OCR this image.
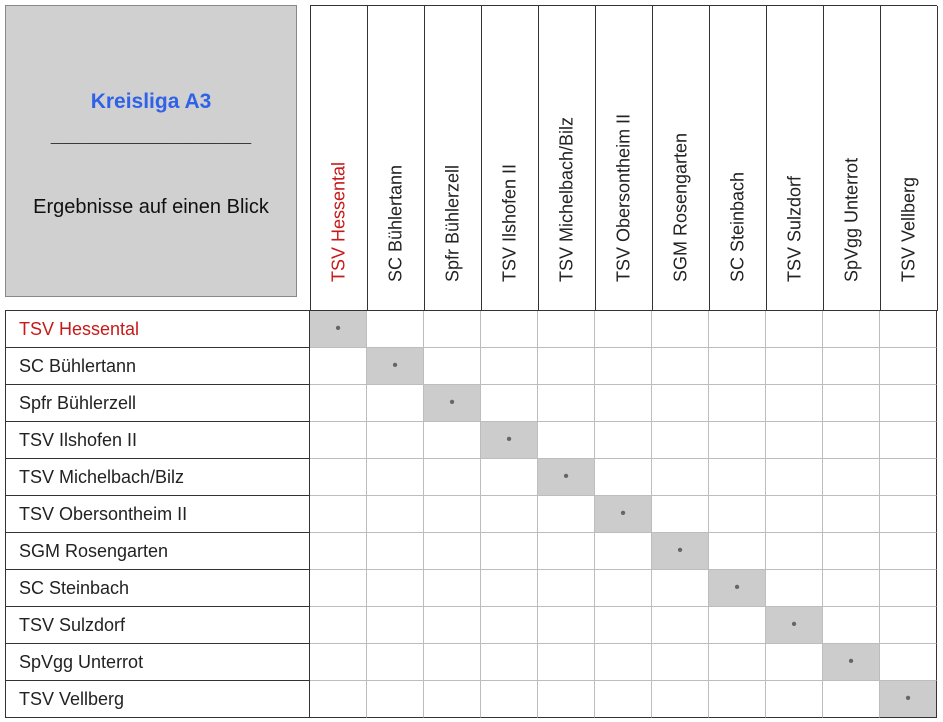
Kreisliga A3
________________________
Ergebnisse auf einen Blick	TSV Hessental SC Bühlertann Spfr Bühlerzell TSV Ilshofen II TSV Michelbach/Bilz TSV Obersontheim II SGM Rosengarten SC Steinbach TSV Sulzdorf SpVgg Unterrot TSV Vellberg
TSV Hessental
SC Bühlertann
Spfr Bühlerzell
TSV Ilshofen II
TSV Michelbach/Bilz
TSV Obersontheim II
SGM Rosengarten
SC Steinbach
TSV Sulzdorf
SpVgg Unterrot
TSV Vellberg
•
•
•
•
•
•
•
•
•
•
•
